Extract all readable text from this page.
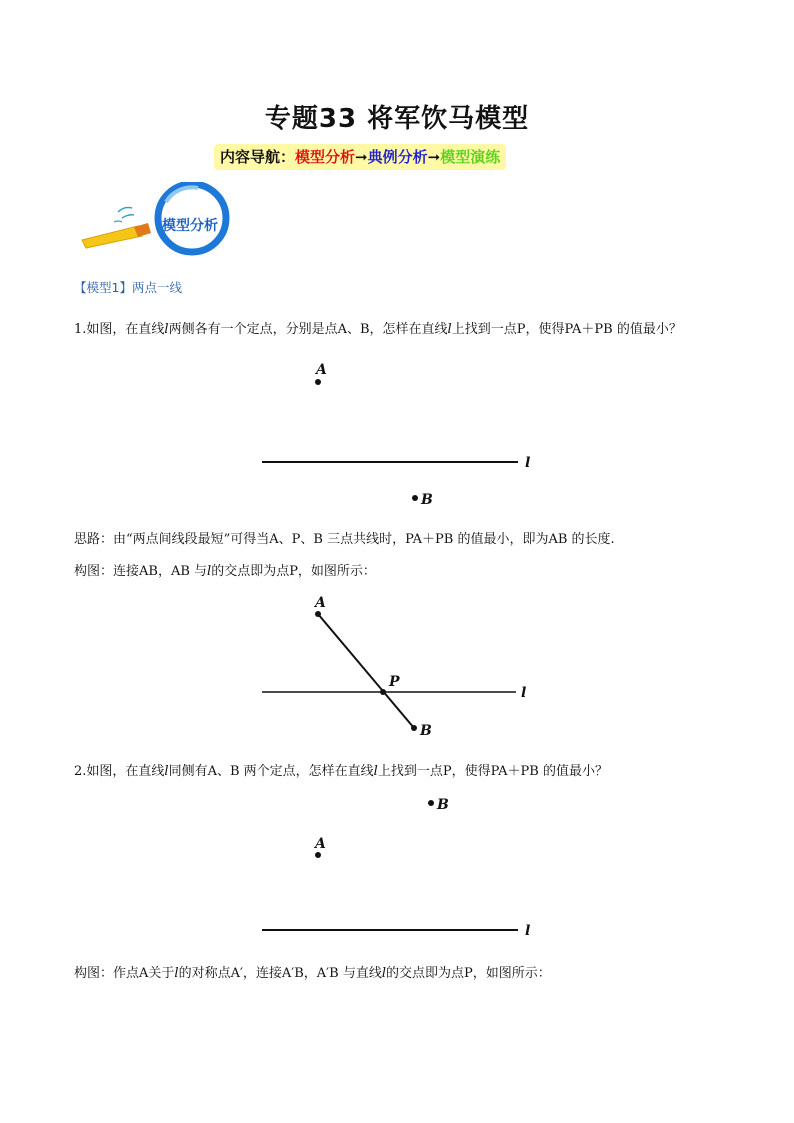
专题33 将军饮马模型
内容导航：模型分析➞典例分析➞模型演练
模型分析
【模型1】两点一线
1.如图，在直线l两侧各有一个定点，分别是点A、B，怎样在直线l上找到一点P，使得PA＋PB 的值最小？
A
l
B
思路：由“两点间线段最短”可得当A、P、B 三点共线时，PA＋PB 的值最小，即为AB 的长度.
构图：连接AB，AB 与l的交点即为点P，如图所示：
l
A
P
B
2.如图，在直线l同侧有A、B 两个定点，怎样在直线l上找到一点P，使得PA＋PB 的值最小？
B
A
l
构图：作点A关于l的对称点A′，连接A′B，A′B 与直线l的交点即为点P，如图所示：
